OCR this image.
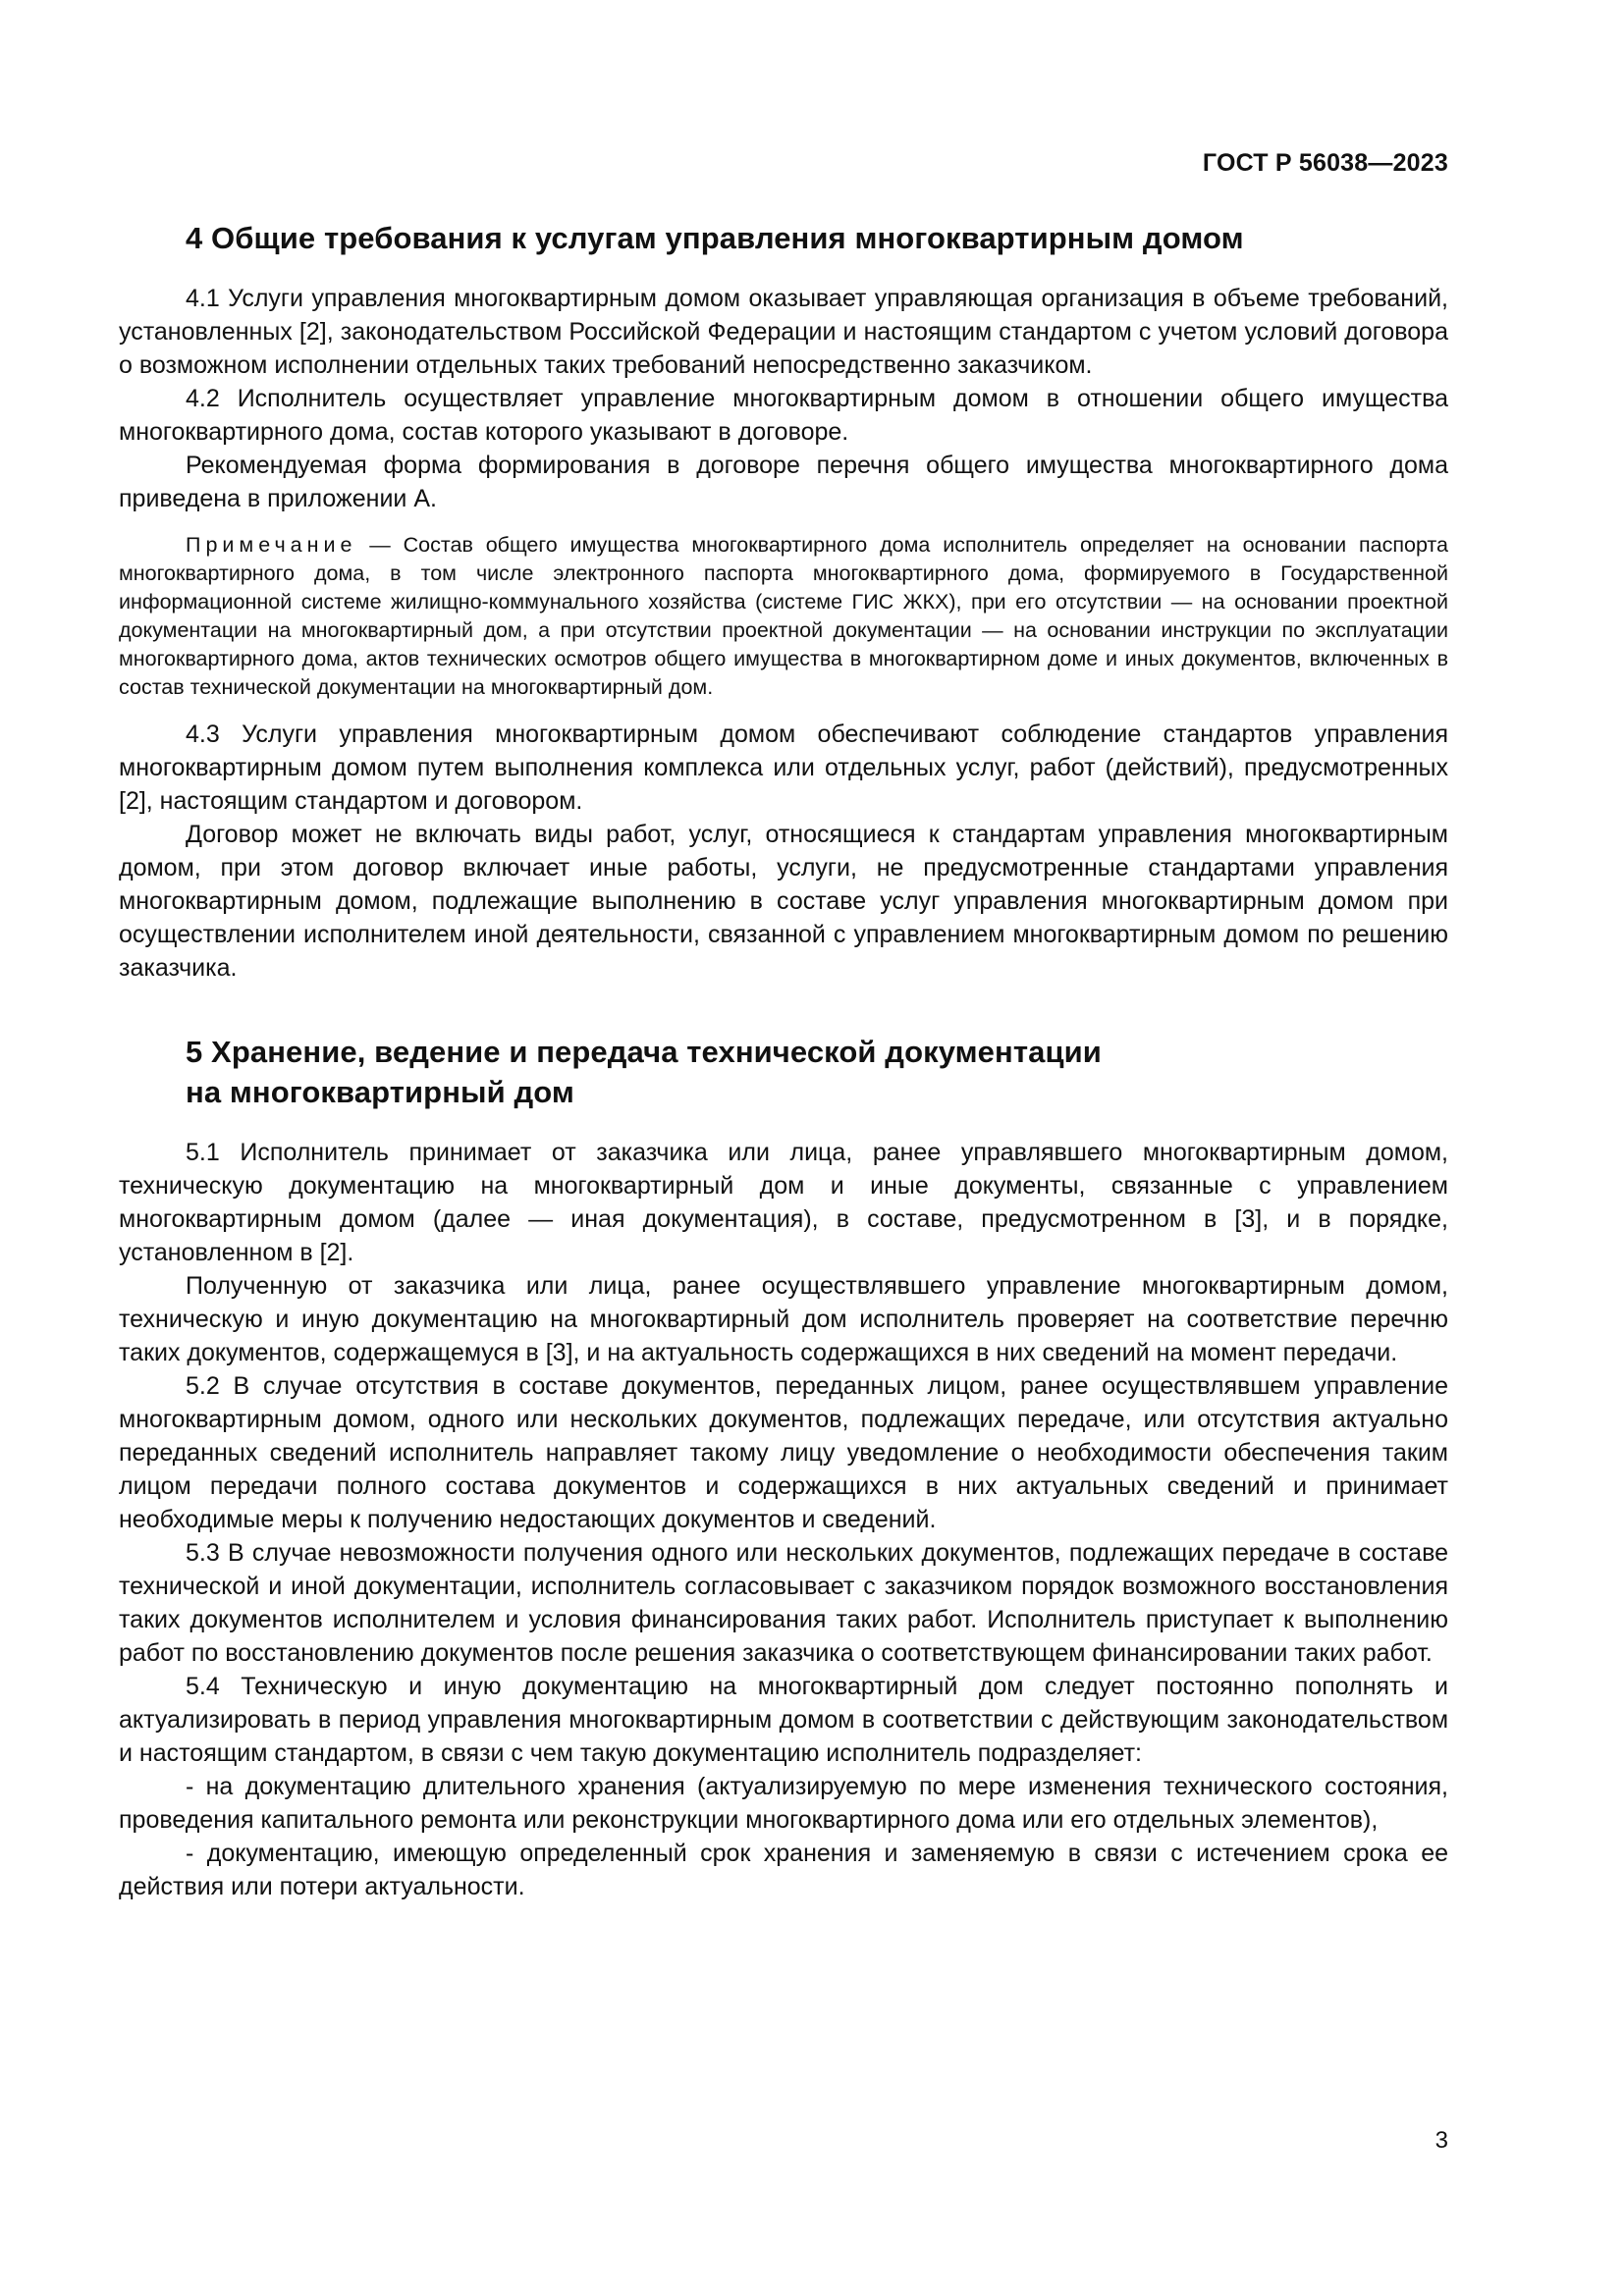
ГОСТ Р 56038—2023
4 Общие требования к услугам управления многоквартирным домом

4.1 Услуги управления многоквартирным домом оказывает управляющая организация в объеме требований, установленных [2], законодательством Российской Федерации и настоящим стандартом с учетом условий договора о возможном исполнении отдельных таких требований непосредственно заказчиком.

4.2 Исполнитель осуществляет управление многоквартирным домом в отношении общего имущества многоквартирного дома, состав которого указывают в договоре.

Рекомендуемая форма формирования в договоре перечня общего имущества многоквартирного дома приведена в приложении А.

Примечание — Состав общего имущества многоквартирного дома исполнитель определяет на основании паспорта многоквартирного дома, в том числе электронного паспорта многоквартирного дома, формируемого в Государственной информационной системе жилищно-коммунального хозяйства (системе ГИС ЖКХ), при его отсутствии — на основании проектной документации на многоквартирный дом, а при отсутствии проектной документации — на основании инструкции по эксплуатации многоквартирного дома, актов технических осмотров общего имущества в многоквартирном доме и иных документов, включенных в состав технической документации на многоквартирный дом.

4.3 Услуги управления многоквартирным домом обеспечивают соблюдение стандартов управления многоквартирным домом путем выполнения комплекса или отдельных услуг, работ (действий), предусмотренных [2], настоящим стандартом и договором.

Договор может не включать виды работ, услуг, относящиеся к стандартам управления многоквартирным домом, при этом договор включает иные работы, услуги, не предусмотренные стандартами управления многоквартирным домом, подлежащие выполнению в составе услуг управления многоквартирным домом при осуществлении исполнителем иной деятельности, связанной с управлением многоквартирным домом по решению заказчика.

5 Хранение, ведение и передача технической документации
на многоквартирный дом

5.1 Исполнитель принимает от заказчика или лица, ранее управлявшего многоквартирным домом, техническую документацию на многоквартирный дом и иные документы, связанные с управлением многоквартирным домом (далее — иная документация), в составе, предусмотренном в [3], и в порядке, установленном в [2].

Полученную от заказчика или лица, ранее осуществлявшего управление многоквартирным домом, техническую и иную документацию на многоквартирный дом исполнитель проверяет на соответствие перечню таких документов, содержащемуся в [3], и на актуальность содержащихся в них сведений на момент передачи.

5.2 В случае отсутствия в составе документов, переданных лицом, ранее осуществлявшем управление многоквартирным домом, одного или нескольких документов, подлежащих передаче, или отсутствия актуально переданных сведений исполнитель направляет такому лицу уведомление о необходимости обеспечения таким лицом передачи полного состава документов и содержащихся в них актуальных сведений и принимает необходимые меры к получению недостающих документов и сведений.

5.3 В случае невозможности получения одного или нескольких документов, подлежащих передаче в составе технической и иной документации, исполнитель согласовывает с заказчиком порядок возможного восстановления таких документов исполнителем и условия финансирования таких работ. Исполнитель приступает к выполнению работ по восстановлению документов после решения заказчика о соответствующем финансировании таких работ.

5.4 Техническую и иную документацию на многоквартирный дом следует постоянно пополнять и актуализировать в период управления многоквартирным домом в соответствии с действующим законодательством и настоящим стандартом, в связи с чем такую документацию исполнитель подразделяет:

- на документацию длительного хранения (актуализируемую по мере изменения технического состояния, проведения капитального ремонта или реконструкции многоквартирного дома или его отдельных элементов),

- документацию, имеющую определенный срок хранения и заменяемую в связи с истечением срока ее действия или потери актуальности.

3
